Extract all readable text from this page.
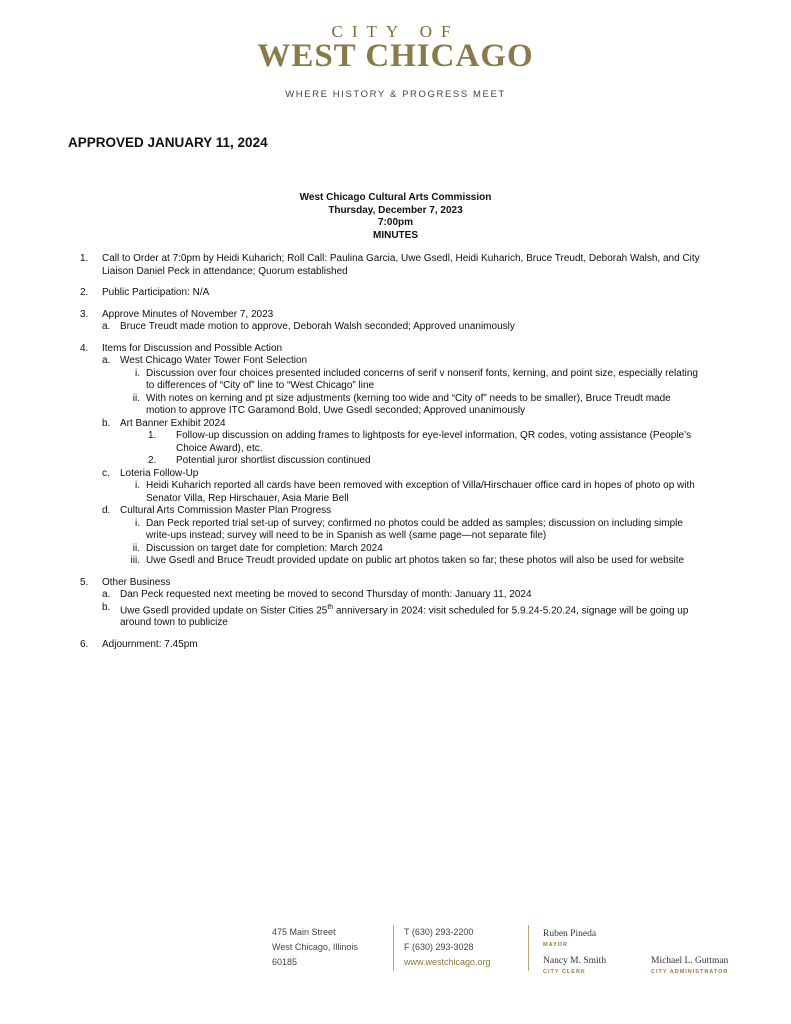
CITY OF
WEST CHICAGO
WHERE HISTORY & PROGRESS MEET
APPROVED JANUARY 11, 2024
West Chicago Cultural Arts Commission
Thursday, December 7, 2023
7:00pm
MINUTES
1. Call to Order at 7:0pm by Heidi Kuharich; Roll Call: Paulina Garcia, Uwe Gsedl, Heidi Kuharich, Bruce Treudt, Deborah Walsh, and City Liaison Daniel Peck in attendance; Quorum established
2. Public Participation: N/A
3. Approve Minutes of November 7, 2023
a. Bruce Treudt made motion to approve, Deborah Walsh seconded; Approved unanimously
4. Items for Discussion and Possible Action
a. West Chicago Water Tower Font Selection
i. Discussion over four choices presented included concerns of serif v nonserif fonts, kerning, and point size, especially relating to differences of “City of” line to “West Chicago” line
ii. With notes on kerning and pt size adjustments (kerning too wide and “City of” needs to be smaller), Bruce Treudt made motion to approve ITC Garamond Bold, Uwe Gsedl seconded; Approved unanimously
b. Art Banner Exhibit 2024
1. Follow-up discussion on adding frames to lightposts for eye-level information, QR codes, voting assistance (People’s Choice Award), etc.
2. Potential juror shortlist discussion continued
c. Loteria Follow-Up
i. Heidi Kuharich reported all cards have been removed with exception of Villa/Hirschauer office card in hopes of photo op with Senator Villa, Rep Hirschauer, Asia Marie Bell
d. Cultural Arts Commission Master Plan Progress
i. Dan Peck reported trial set-up of survey; confirmed no photos could be added as samples; discussion on including simple write-ups instead; survey will need to be in Spanish as well (same page—not separate file)
ii. Discussion on target date for completion: March 2024
iii. Uwe Gsedl and Bruce Treudt provided update on public art photos taken so far; these photos will also be used for website
5. Other Business
a. Dan Peck requested next meeting be moved to second Thursday of month: January 11, 2024
b. Uwe Gsedl provided update on Sister Cities 25th anniversary in 2024: visit scheduled for 5.9.24-5.20.24, signage will be going up around town to publicize
6. Adjournment: 7.45pm
475 Main Street
West Chicago, Illinois
60185
T (630) 293-2200
F (630) 293-3028
www.westchicago.org
Ruben Pineda
MAYOR
Nancy M. Smith
CITY CLERK
Michael L. Guttman
CITY ADMINISTRATOR
